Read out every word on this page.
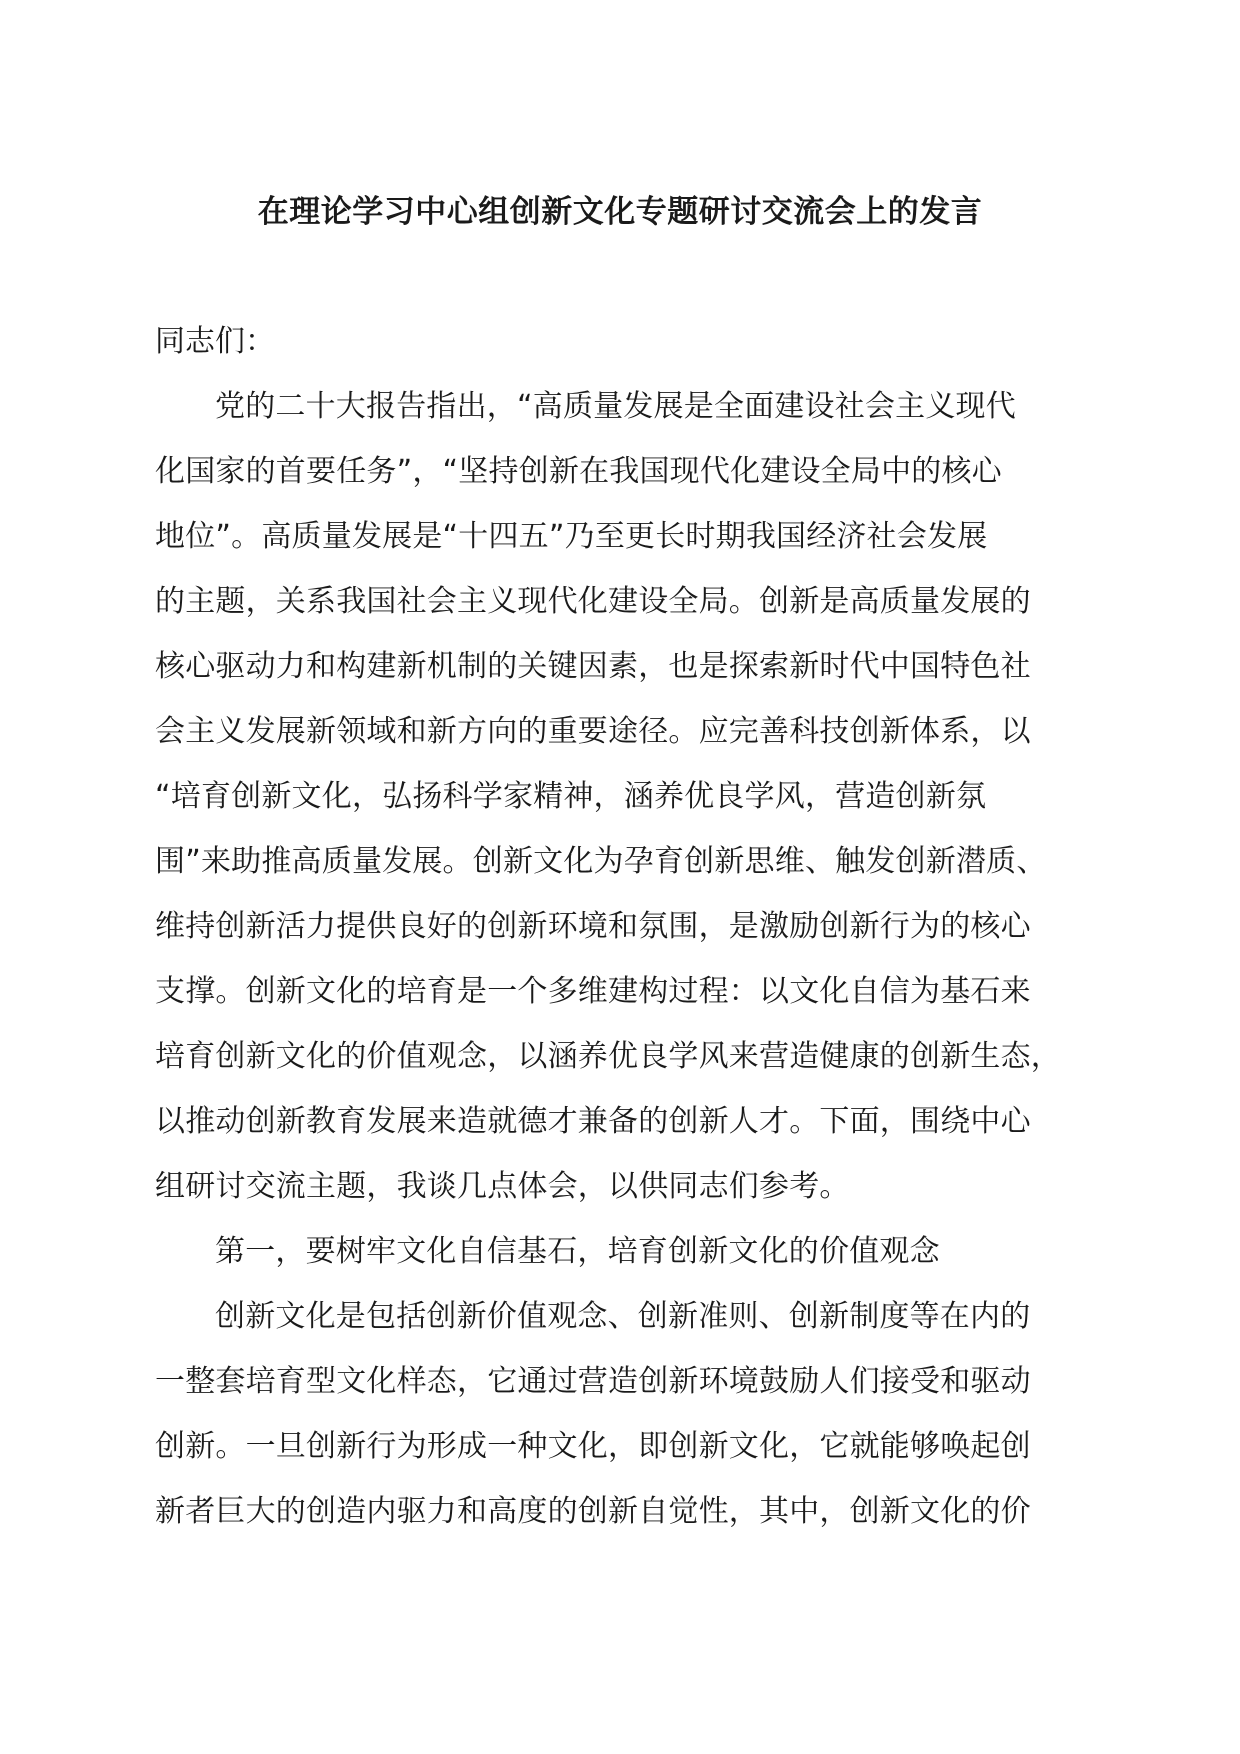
在理论学习中心组创新文化专题研讨交流会上的发言

同志们：

党的二十大报告指出，“高质量发展是全面建设社会主义现代

化国家的首要任务”，“坚持创新在我国现代化建设全局中的核心

地位”。高质量发展是“十四五”乃至更长时期我国经济社会发展

的主题，关系我国社会主义现代化建设全局。创新是高质量发展的

核心驱动力和构建新机制的关键因素，也是探索新时代中国特色社

会主义发展新领域和新方向的重要途径。应完善科技创新体系，以

“培育创新文化，弘扬科学家精神，涵养优良学风，营造创新氛

围”来助推高质量发展。创新文化为孕育创新思维、触发创新潜质、

维持创新活力提供良好的创新环境和氛围，是激励创新行为的核心

支撑。创新文化的培育是一个多维建构过程：以文化自信为基石来

培育创新文化的价值观念，以涵养优良学风来营造健康的创新生态，

以推动创新教育发展来造就德才兼备的创新人才。下面，围绕中心

组研讨交流主题，我谈几点体会，以供同志们参考。

第一，要树牢文化自信基石，培育创新文化的价值观念

创新文化是包括创新价值观念、创新准则、创新制度等在内的

一整套培育型文化样态，它通过营造创新环境鼓励人们接受和驱动

创新。一旦创新行为形成一种文化，即创新文化，它就能够唤起创

新者巨大的创造内驱力和高度的创新自觉性，其中，创新文化的价
